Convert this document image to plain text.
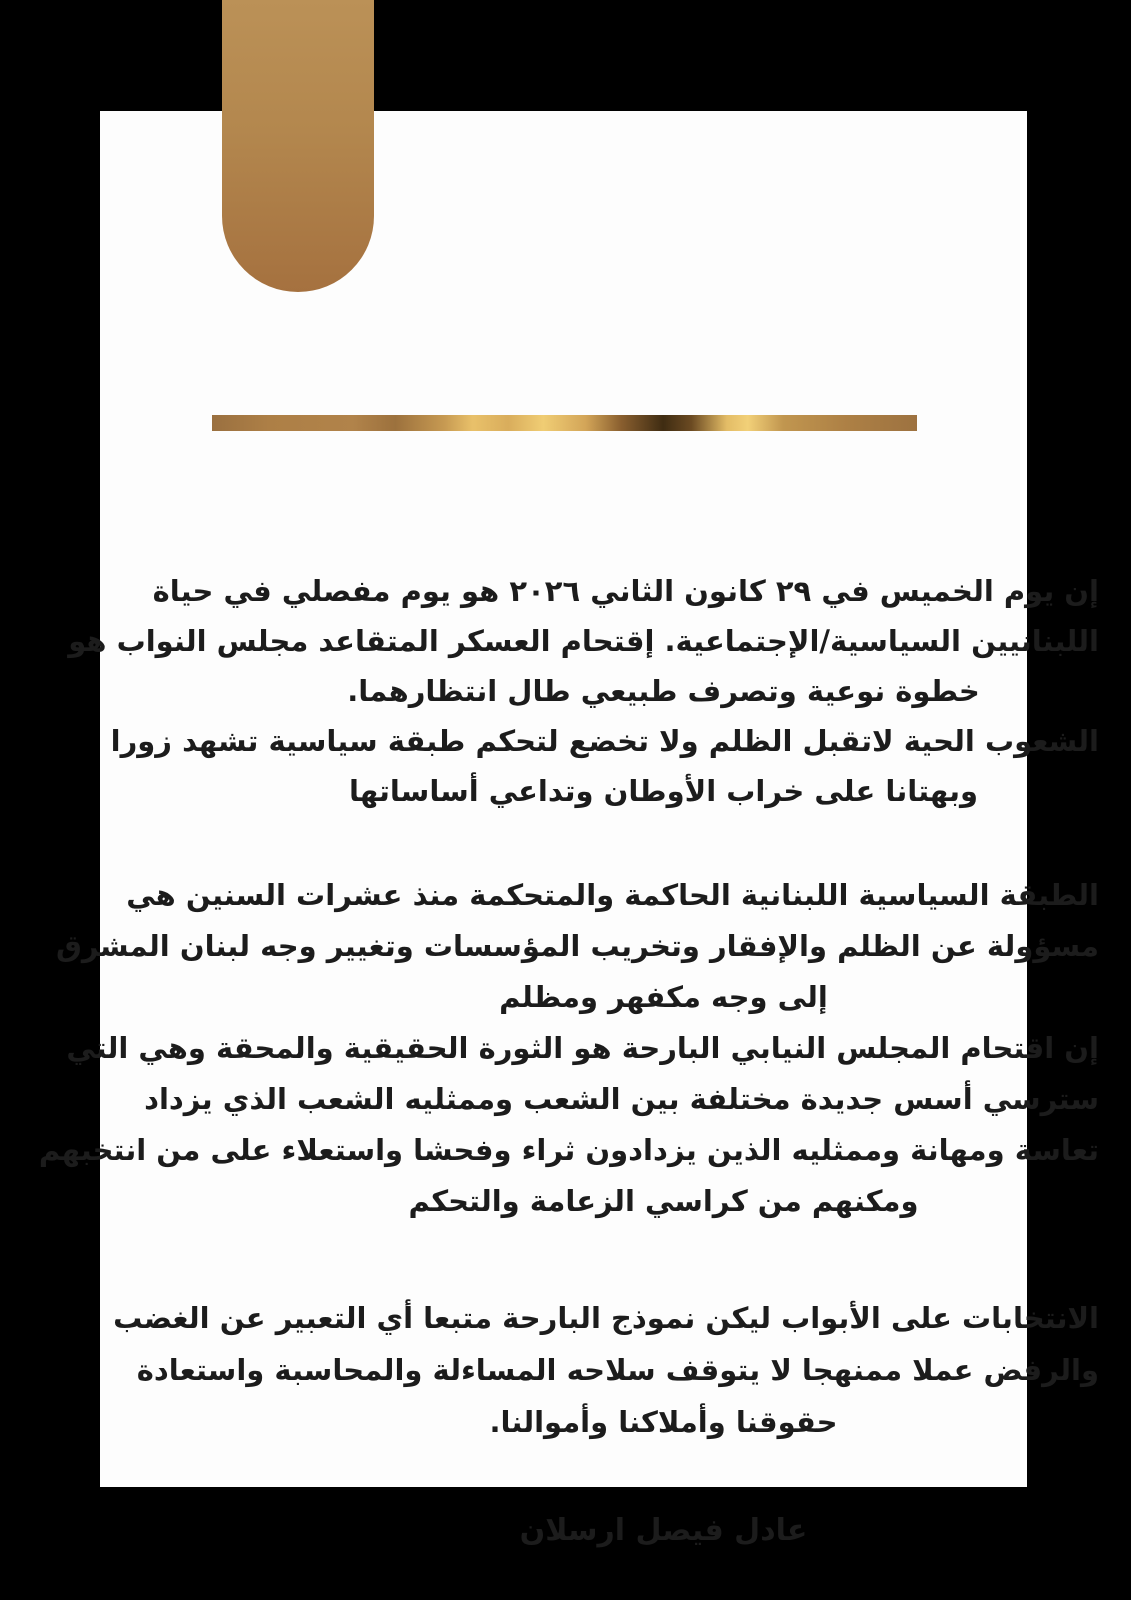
إن يوم الخميس في ٢٩ كانون الثاني ٢٠٢٦ هو يوم مفصلي في حياة
اللبنانيين السياسية/الإجتماعية. إقتحام العسكر المتقاعد مجلس النواب هو
خطوة نوعية وتصرف طبيعي طال انتظارهما.
الشعوب الحية لاتقبل الظلم ولا تخضع لتحكم طبقة سياسية تشهد زورا
وبهتانا على خراب الأوطان وتداعي أساساتها
الطبقة السياسية اللبنانية الحاكمة والمتحكمة منذ عشرات السنين هي
مسؤولة عن الظلم والإفقار وتخريب المؤسسات وتغيير وجه لبنان المشرق
إلى وجه مكفهر ومظلم
إن اقتحام المجلس النيابي البارحة هو الثورة الحقيقية والمحقة وهي التي
سترسي أسس جديدة مختلفة بين الشعب وممثليه الشعب الذي يزداد
تعاسة ومهانة وممثليه الذين يزدادون ثراء وفحشا واستعلاء على من انتخبهم
ومكنهم من كراسي الزعامة والتحكم
الانتخابات على الأبواب ليكن نموذج البارحة متبعا أي التعبير عن الغضب
والرفض عملا ممنهجا لا يتوقف سلاحه المساءلة والمحاسبة واستعادة
حقوقنا وأملاكنا وأموالنا.
عادل فيصل ارسلان
